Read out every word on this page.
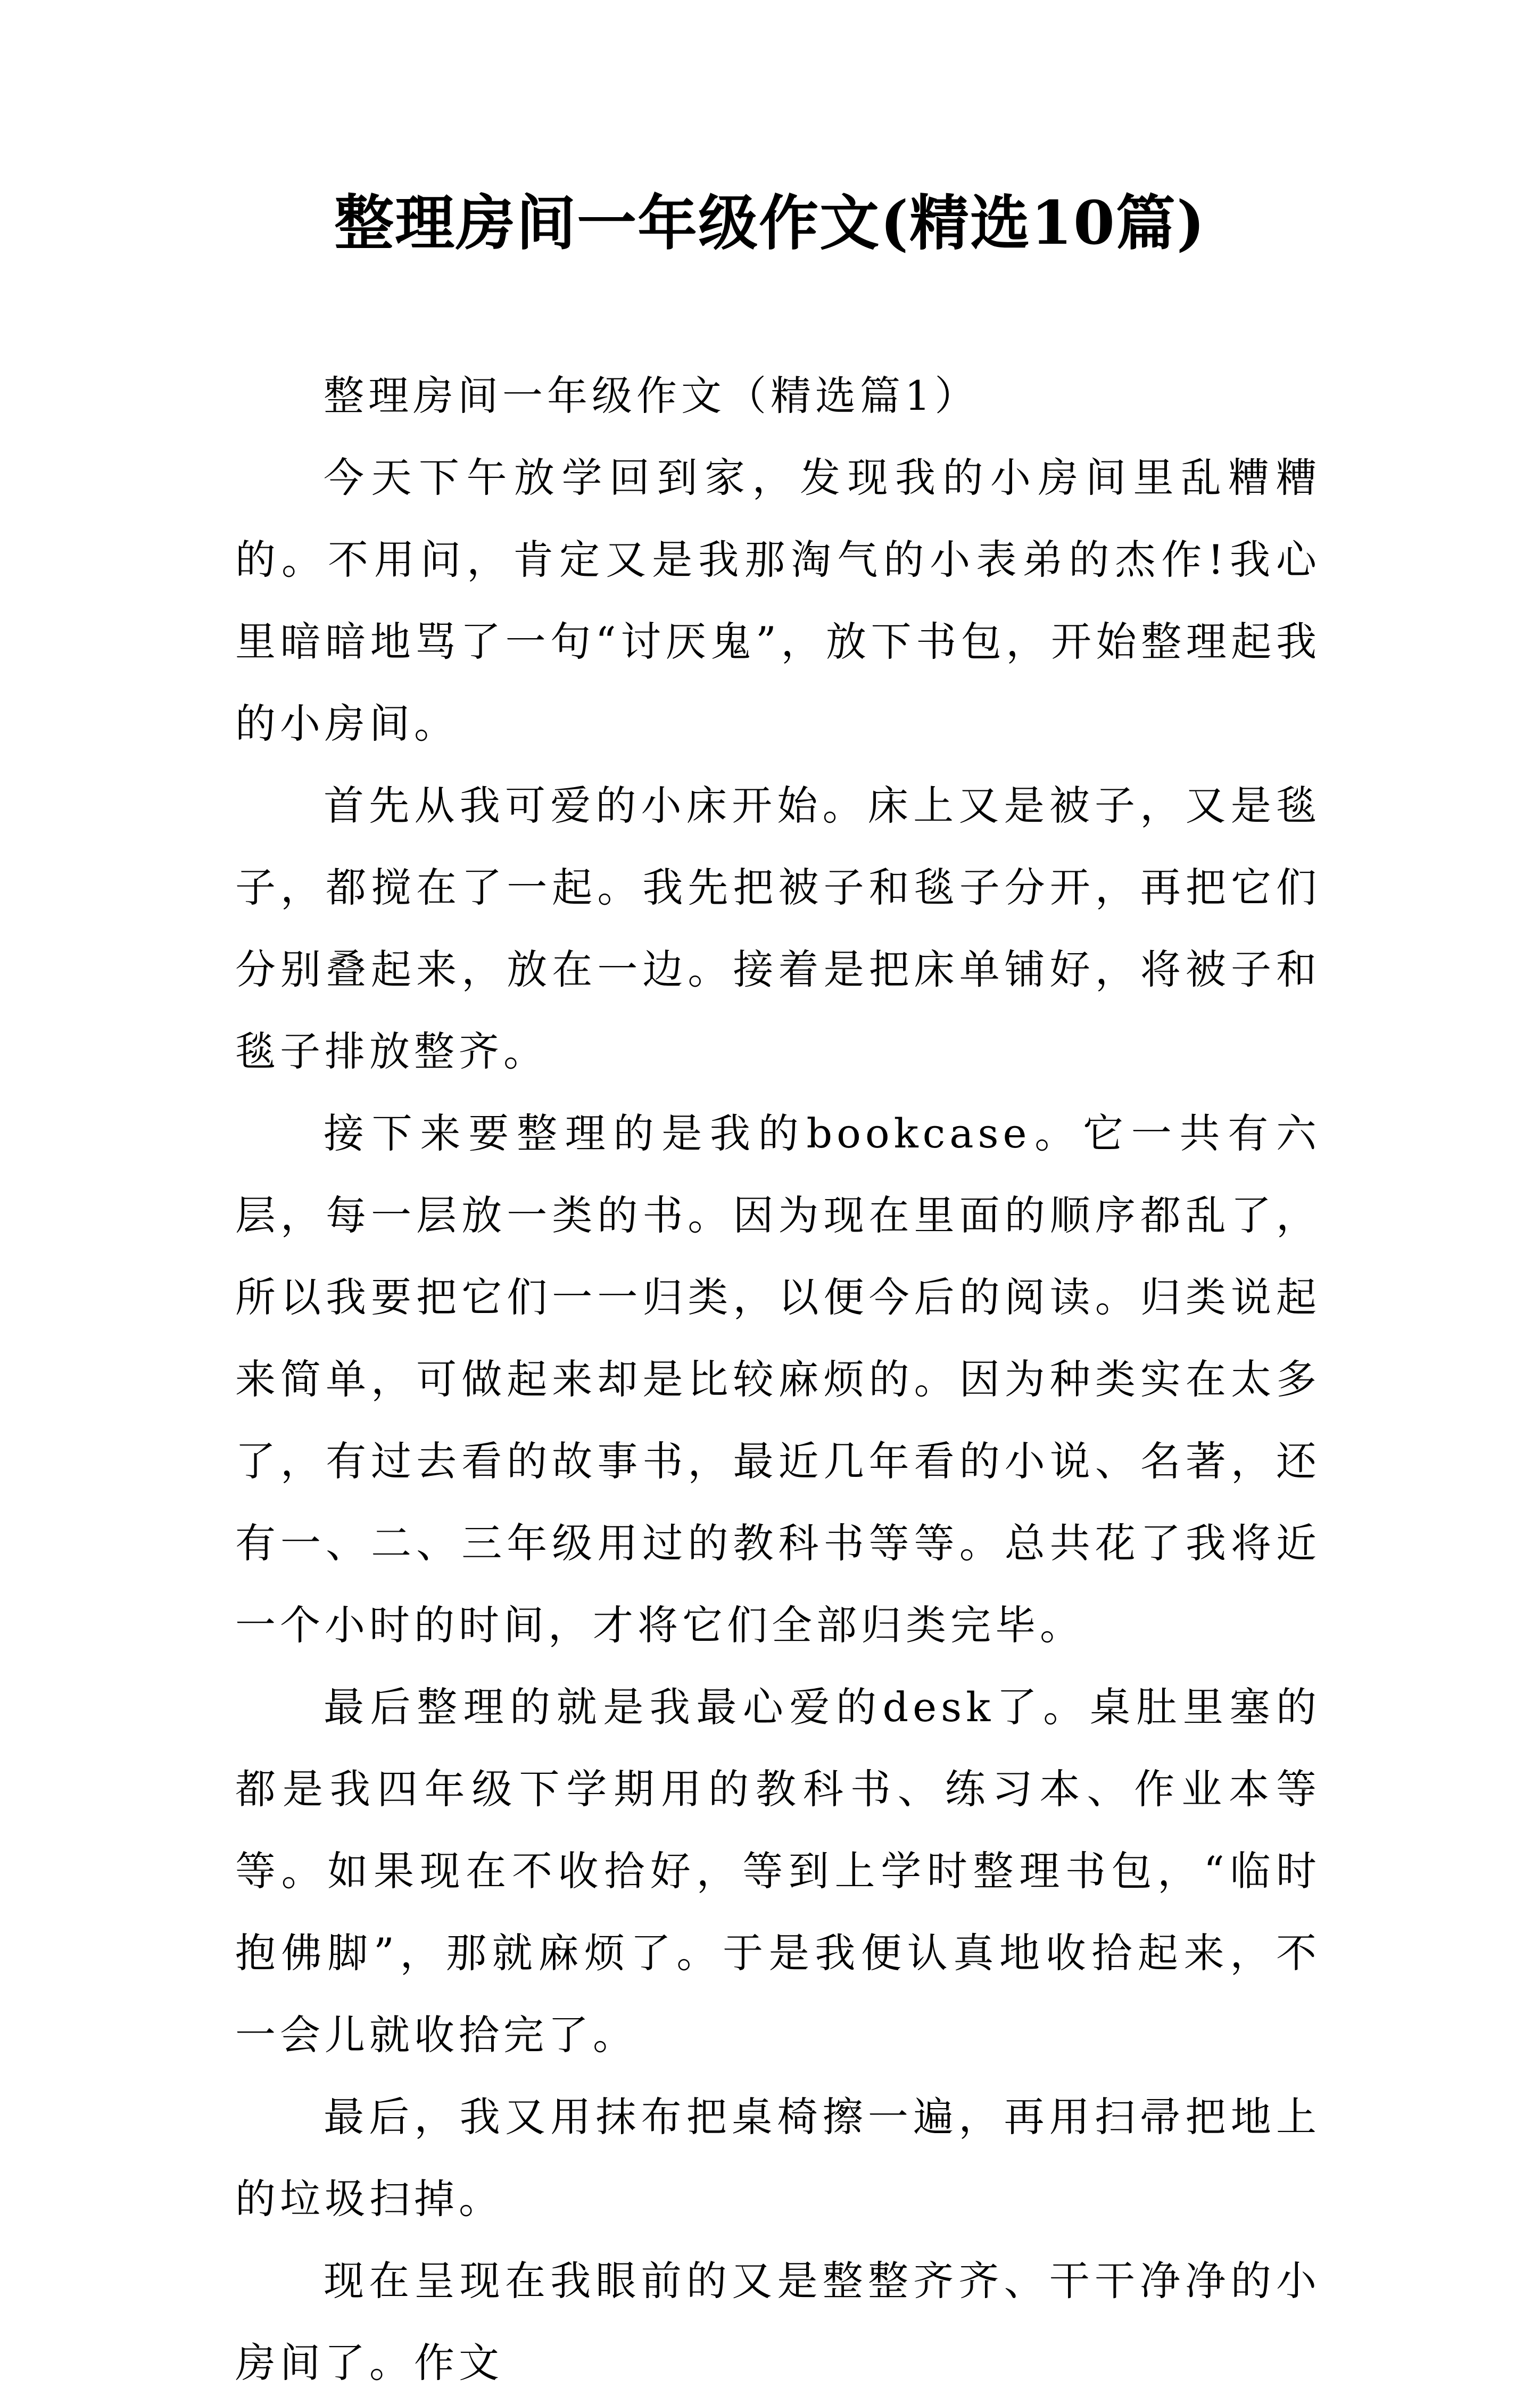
整理房间一年级作文(精选10篇)

整理房间一年级作文（精选篇1）

今天下午放学回到家，发现我的小房间里乱糟糟的。不用问，肯定又是我那淘气的小表弟的杰作!我心里暗暗地骂了一句“讨厌鬼”，放下书包，开始整理起我的小房间。

首先从我可爱的小床开始。床上又是被子，又是毯子，都搅在了一起。我先把被子和毯子分开，再把它们分别叠起来，放在一边。接着是把床单铺好，将被子和毯子排放整齐。

接下来要整理的是我的bookcase。它一共有六层，每一层放一类的书。因为现在里面的顺序都乱了，所以我要把它们一一归类，以便今后的阅读。归类说起来简单，可做起来却是比较麻烦的。因为种类实在太多了，有过去看的故事书，最近几年看的小说、名著，还有一、二、三年级用过的教科书等等。总共花了我将近一个小时的时间，才将它们全部归类完毕。

最后整理的就是我最心爱的desk了。桌肚里塞的都是我四年级下学期用的教科书、练习本、作业本等等。如果现在不收拾好，等到上学时整理书包，“临时抱佛脚”，那就麻烦了。于是我便认真地收拾起来，不一会儿就收拾完了。

最后，我又用抹布把桌椅擦一遍，再用扫帚把地上的垃圾扫掉。

现在呈现在我眼前的又是整整齐齐、干干净净的小房间了。作文
